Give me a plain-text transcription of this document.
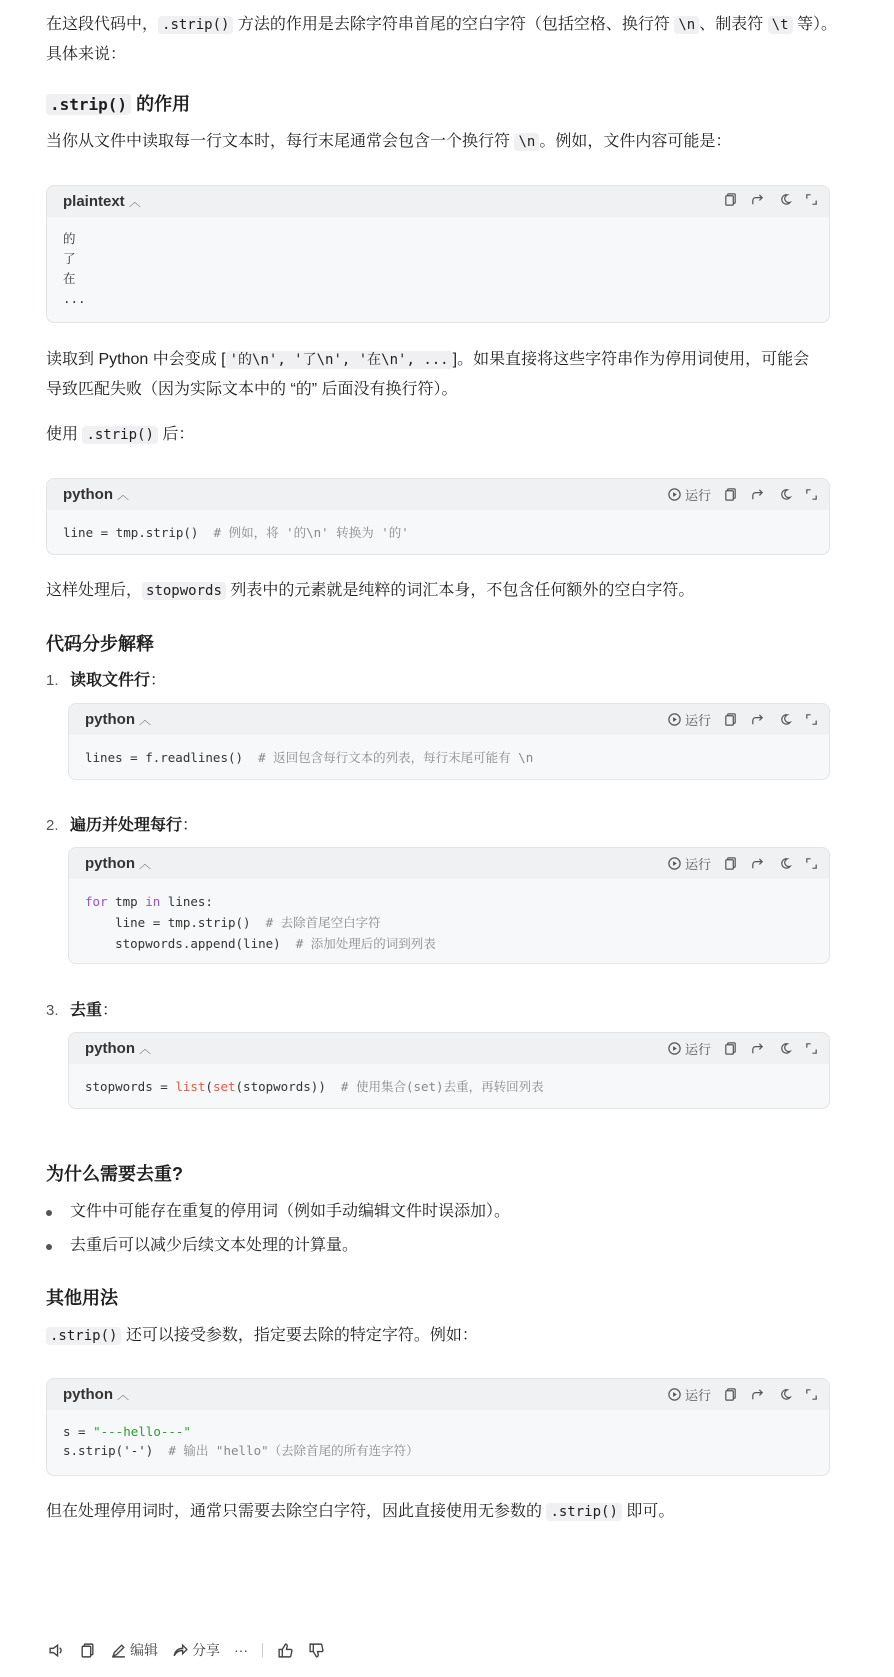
在这段代码中， .strip() 方法的作用是去除字符串首尾的空白字符（包括空格、换行符 \n 、制表符 \t 等）。
具体来说：

.strip() 的作用

当你从文件中读取每一行文本时，每行末尾通常会包含一个换行符 \n 。例如，文件内容可能是：

plaintext ︿
的
了
在
...

读取到 Python 中会变成 [ '的\n', '了\n', '在\n', ... ]。如果直接将这些字符串作为停用词使用，可能会
导致匹配失败（因为实际文本中的 “的” 后面没有换行符）。

使用 .strip() 后：

python ︿	运行
line = tmp.strip()  # 例如，将 '的\n' 转换为 '的'

这样处理后， stopwords 列表中的元素就是纯粹的词汇本身，不包含任何额外的空白字符。

代码分步解释
1. 读取文件行：
python ︿	运行
lines = f.readlines()  # 返回包含每行文本的列表，每行末尾可能有 \n
2. 遍历并处理每行：
python ︿	运行
for tmp in lines:
line = tmp.strip()  # 去除首尾空白字符
stopwords.append(line)  # 添加处理后的词到列表
3. 去重：
python ︿	运行
stopwords = list(set(stopwords))  # 使用集合(set)去重，再转回列表
为什么需要去重?

文件中可能存在重复的停用词（例如手动编辑文件时误添加）。

去重后可以减少后续文本处理的计算量。

其他用法

.strip() 还可以接受参数，指定要去除的特定字符。例如：

python ︿	运行
s = "---hello---"
s.strip('-')  # 输出 "hello"（去除首尾的所有连字符）

但在处理停用词时，通常只需要去除空白字符，因此直接使用无参数的 .strip() 即可。

编辑 分享 ···
